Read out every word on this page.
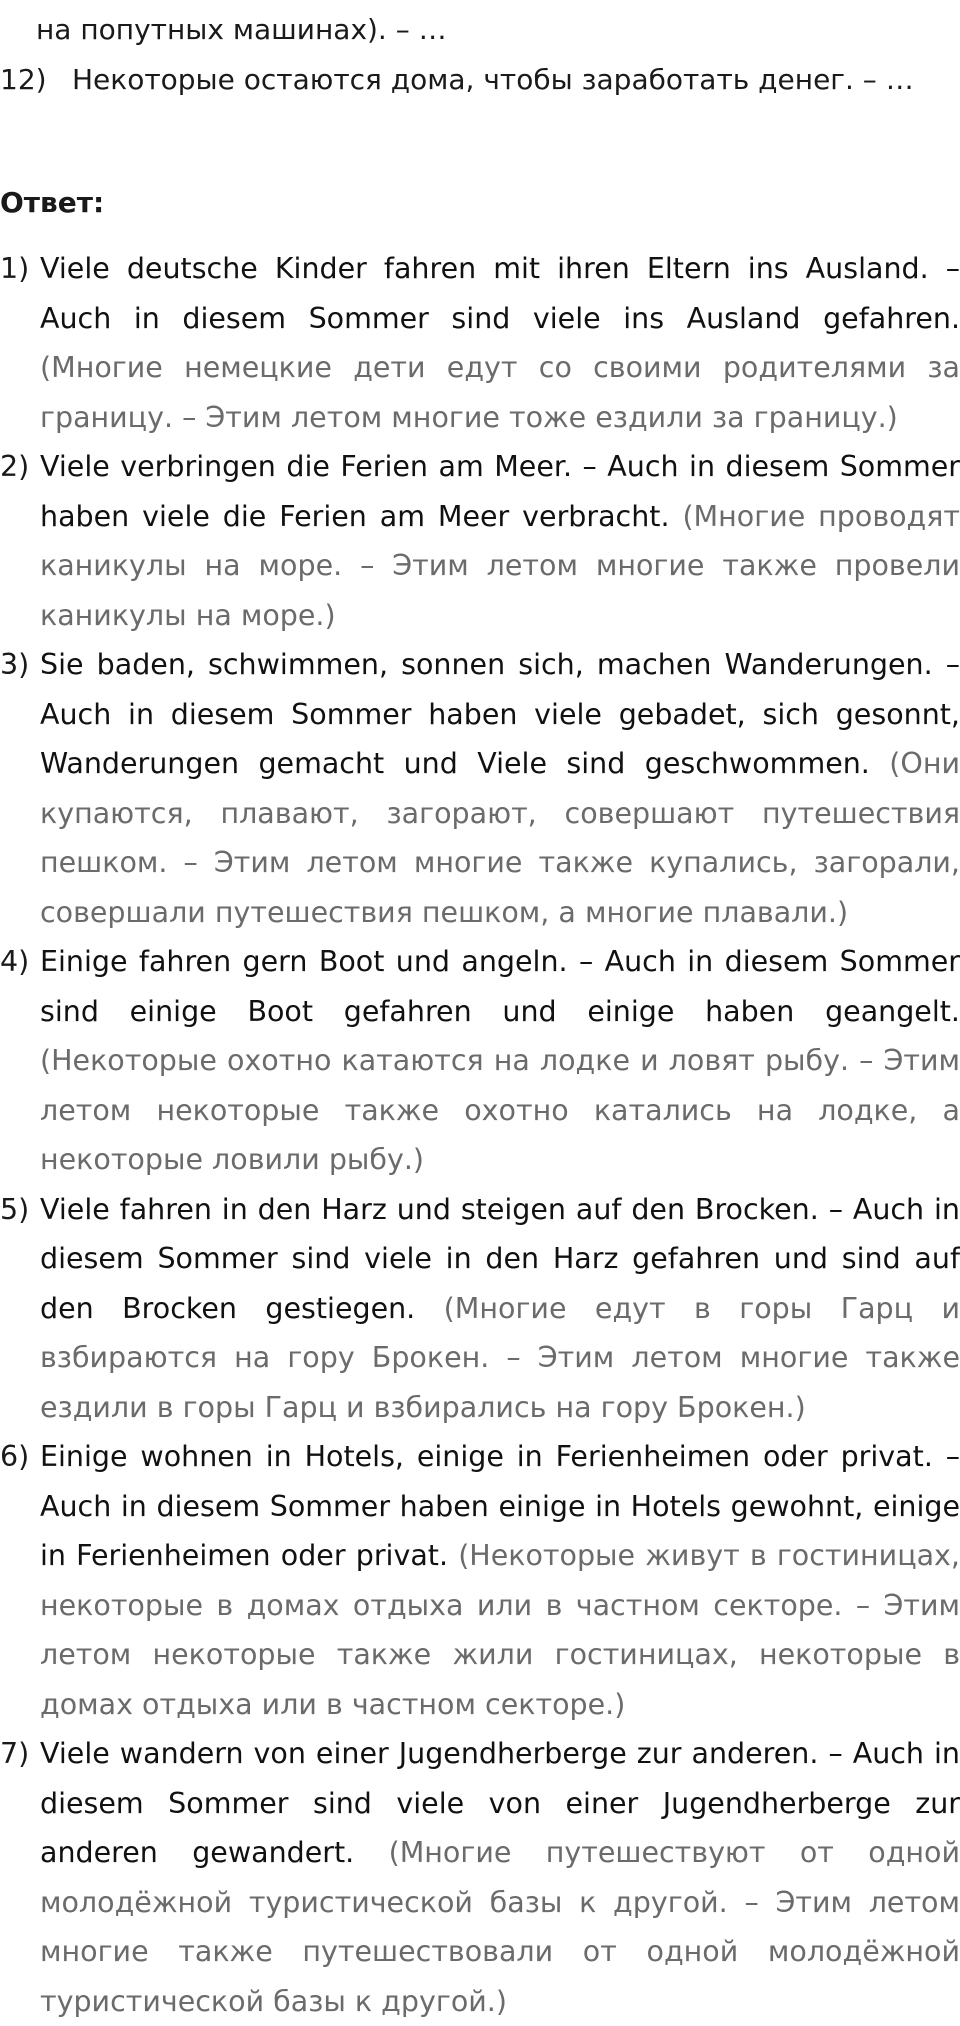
на попутных машинах). – …
12) Некоторые остаются дома, чтобы заработать денег. – …
Ответ:
1) Viele deutsche Kinder fahren mit ihren Eltern ins Ausland. – Auch in diesem Sommer sind viele ins Ausland gefahren. (Многие немецкие дети едут со своими родителями за границу. – Этим летом многие тоже ездили за границу.)
2) Viele verbringen die Ferien am Meer. – Auch in diesem Sommer haben viele die Ferien am Meer verbracht. (Многие проводят каникулы на море. – Этим летом многие также провели каникулы на море.)
3) Sie baden, schwimmen, sonnen sich, machen Wanderungen. – Auch in diesem Sommer haben viele gebadet, sich gesonnt, Wanderungen gemacht und Viele sind geschwommen. (Они купаются, плавают, загорают, совершают путешествия пешком. – Этим летом многие также купались, загорали, совершали путешествия пешком, а многие плавали.)
4) Einige fahren gern Boot und angeln. – Auch in diesem Sommer sind einige Boot gefahren und einige haben geangelt. (Некоторые охотно катаются на лодке и ловят рыбу. – Этим летом некоторые также охотно катались на лодке, а некоторые ловили рыбу.)
5) Viele fahren in den Harz und steigen auf den Brocken. – Auch in diesem Sommer sind viele in den Harz gefahren und sind auf den Brocken gestiegen. (Многие едут в горы Гарц и взбираются на гору Брокен. – Этим летом многие также ездили в горы Гарц и взбирались на гору Брокен.)
6) Einige wohnen in Hotels, einige in Ferienheimen oder privat. – Auch in diesem Sommer haben einige in Hotels gewohnt, einige in Ferienheimen oder privat. (Некоторые живут в гостиницах, некоторые в домах отдыха или в частном секторе. – Этим летом некоторые также жили гостиницах, некоторые в домах отдыха или в частном секторе.)
7) Viele wandern von einer Jugendherberge zur anderen. – Auch in diesem Sommer sind viele von einer Jugendherberge zur anderen gewandert. (Многие путешествуют от одной молодёжной туристической базы к другой. – Этим летом многие также путешествовали от одной молодёжной туристической базы к другой.)
